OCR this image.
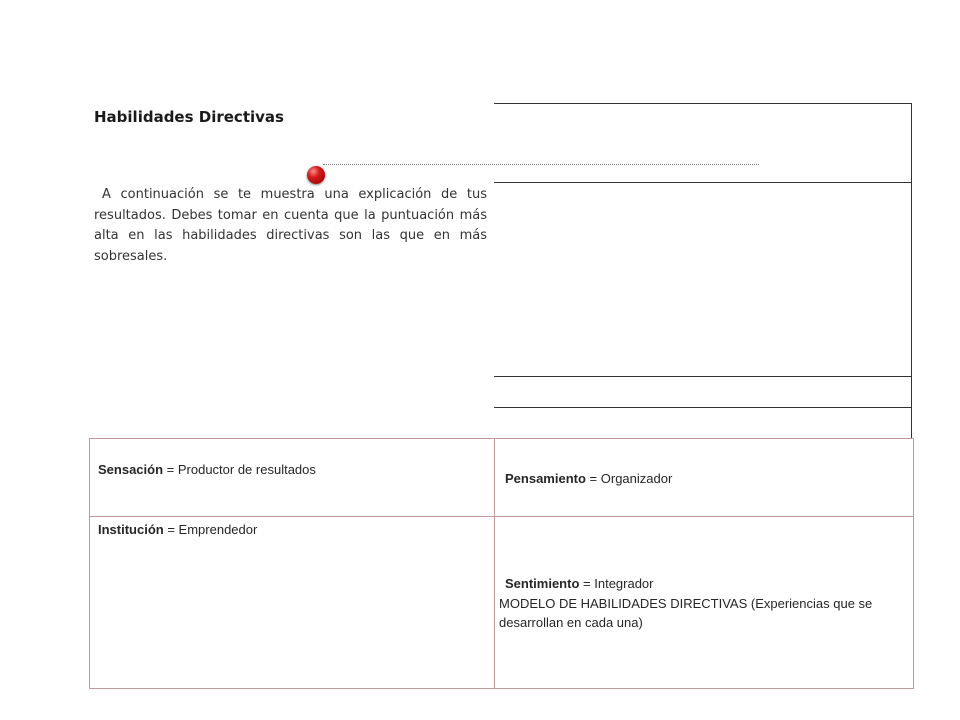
Habilidades Directivas
A continuación se te muestra una explicación de tus resultados. Debes tomar en cuenta que la puntuación más alta en las habilidades directivas son las que en más sobresales.
Sensación = Productor de resultados
Pensamiento = Organizador
Institución = Emprendedor
Sentimiento = Integrador
MODELO DE HABILIDADES DIRECTIVAS (Experiencias que se desarrollan en cada una)
